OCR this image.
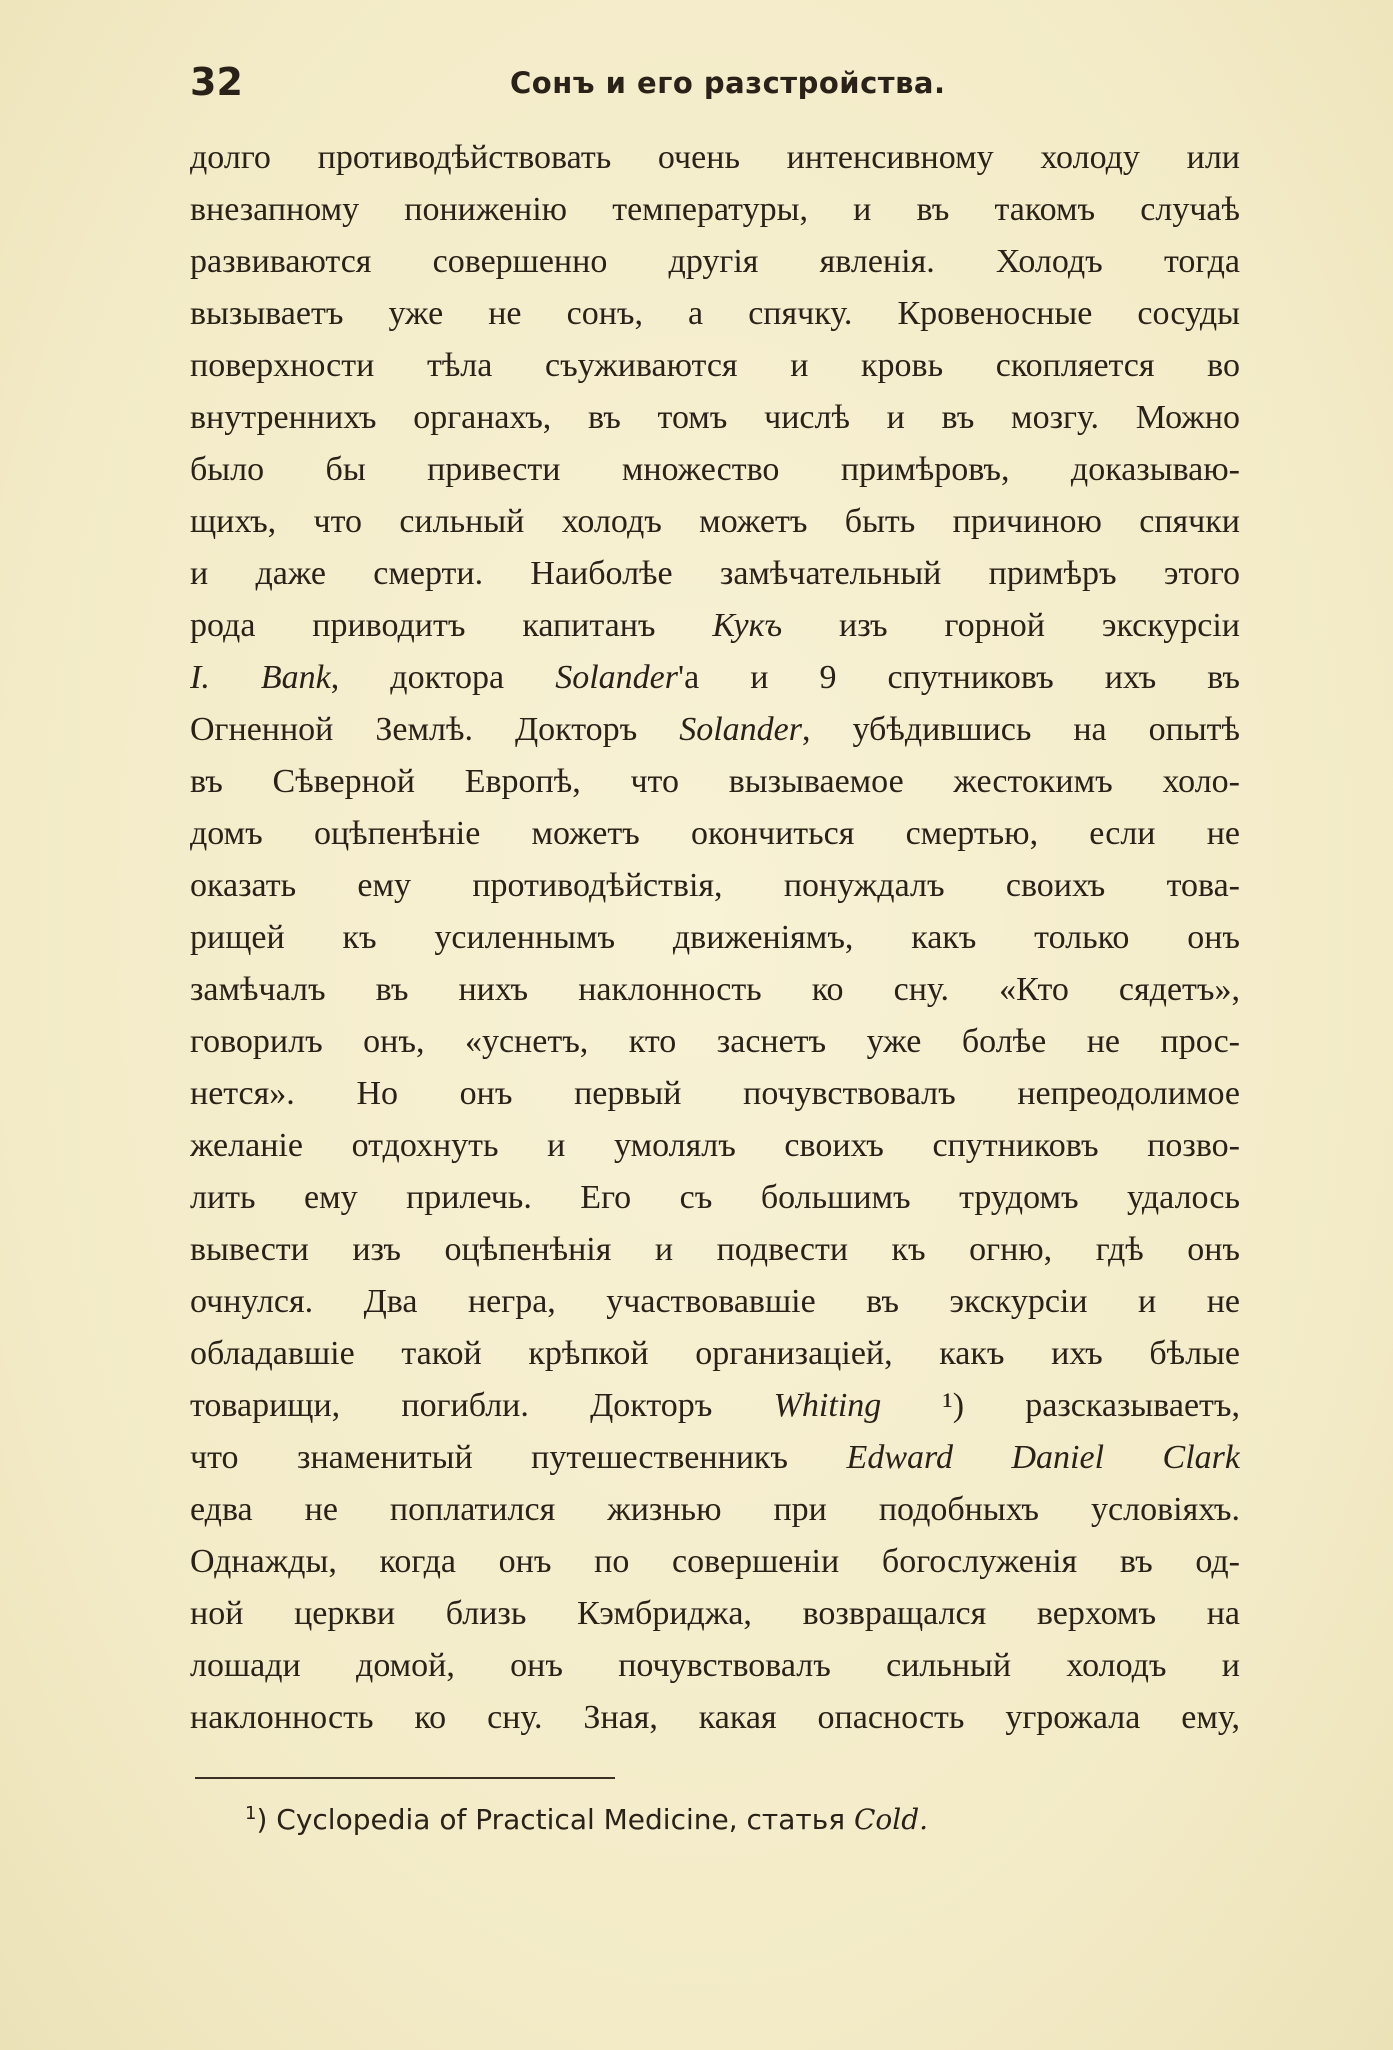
32	Сонъ и его разстройства.
долго противодѣйствовать очень интенсивному холоду или
внезапному пониженію температуры, и въ такомъ случаѣ
развиваются совершенно другія явленія. Холодъ тогда
вызываетъ уже не сонъ, а спячку. Кровеносные сосуды
поверхности тѣла съуживаются и кровь скопляется во
внутреннихъ органахъ, въ томъ числѣ и въ мозгу. Можно
было бы привести множество примѣровъ, доказываю-
щихъ, что сильный холодъ можетъ быть причиною спячки
и даже смерти. Наиболѣе замѣчательный примѣръ этого
рода приводитъ капитанъ Кукъ изъ горной экскурсіи
I. Bank, доктора Solander'а и 9 спутниковъ ихъ въ
Огненной Землѣ. Докторъ Solander, убѣдившись на опытѣ
въ Сѣверной Европѣ, что вызываемое жестокимъ холо-
домъ оцѣпенѣніе можетъ окончиться смертью, если не
оказать ему противодѣйствія, понуждалъ своихъ това-
рищей къ усиленнымъ движеніямъ, какъ только онъ
замѣчалъ въ нихъ наклонность ко сну. «Кто сядетъ»,
говорилъ онъ, «уснетъ, кто заснетъ уже болѣе не прос-
нется». Но онъ первый почувствовалъ непреодолимое
желаніе отдохнуть и умолялъ своихъ спутниковъ позво-
лить ему прилечь. Его съ большимъ трудомъ удалось
вывести изъ оцѣпенѣнія и подвести къ огню, гдѣ онъ
очнулся. Два негра, участвовавшіе въ экскурсіи и не
обладавшіе такой крѣпкой организаціей, какъ ихъ бѣлые
товарищи, погибли. Докторъ Whiting ¹) разсказываетъ,
что знаменитый путешественникъ Edward Daniel Clark
едва не поплатился жизнью при подобныхъ условіяхъ.
Однажды, когда онъ по совершеніи богослуженія въ од-
ной церкви близь Кэмбриджа, возвращался верхомъ на
лошади домой, онъ почувствовалъ сильный холодъ и
наклонность ко сну. Зная, какая опасность угрожала ему,
$^1$) Cyclopedia of Practical Medicine, статья Cold.
